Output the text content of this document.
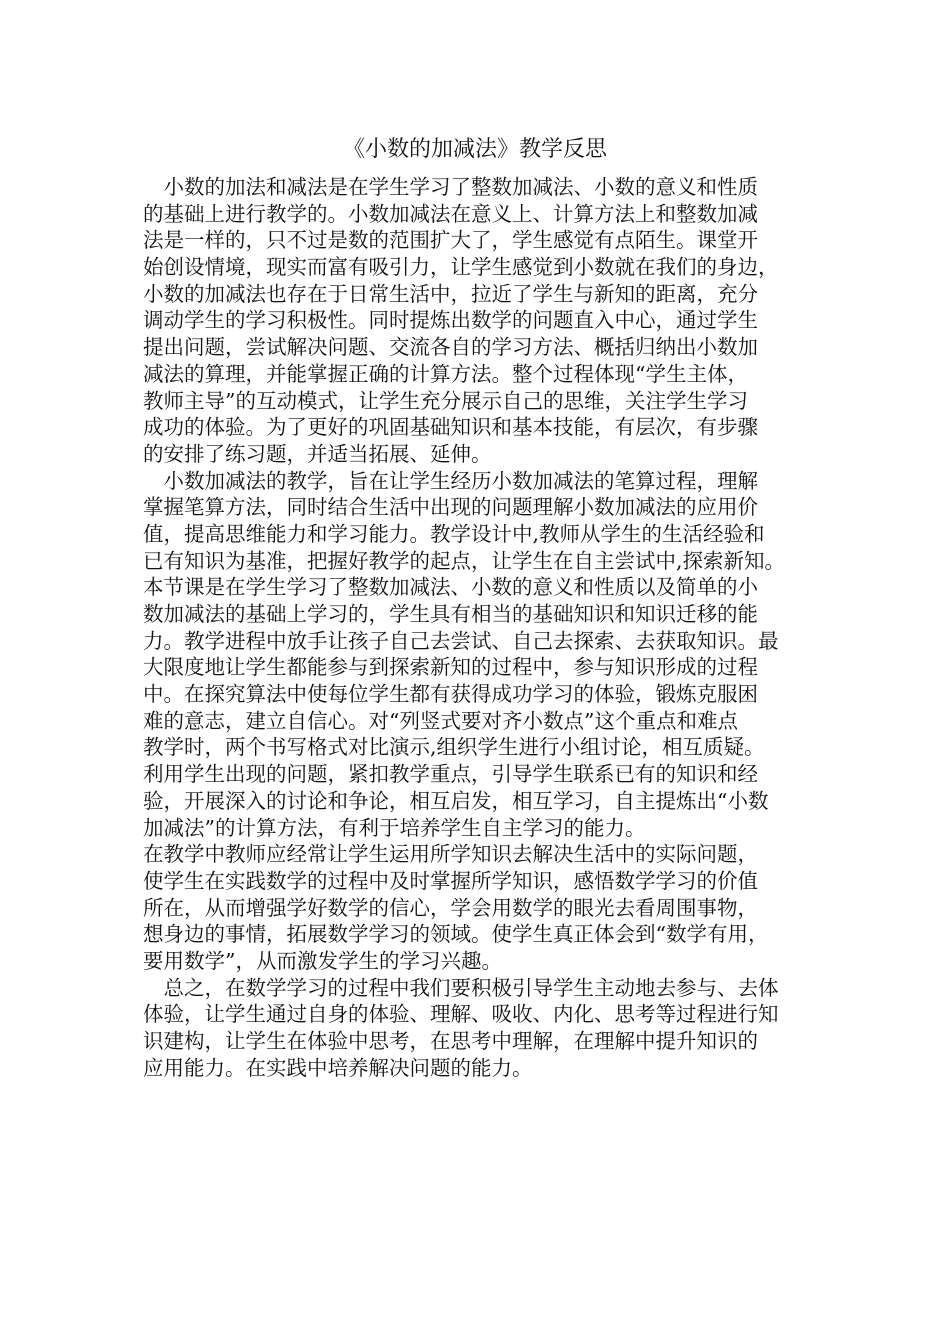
《小数的加减法》教学反思
　小数的加法和减法是在学生学习了整数加减法、小数的意义和性质
的基础上进行教学的。小数加减法在意义上、计算方法上和整数加减
法是一样的，只不过是数的范围扩大了，学生感觉有点陌生。课堂开
始创设情境，现实而富有吸引力，让学生感觉到小数就在我们的身边，
小数的加减法也存在于日常生活中，拉近了学生与新知的距离，充分
调动学生的学习积极性。同时提炼出数学的问题直入中心，通过学生
提出问题，尝试解决问题、交流各自的学习方法、概括归纳出小数加
减法的算理，并能掌握正确的计算方法。整个过程体现“学生主体，
教师主导”的互动模式，让学生充分展示自己的思维，关注学生学习
成功的体验。为了更好的巩固基础知识和基本技能，有层次，有步骤
的安排了练习题，并适当拓展、延伸。
　小数加减法的教学，旨在让学生经历小数加减法的笔算过程，理解
掌握笔算方法，同时结合生活中出现的问题理解小数加减法的应用价
值，提高思维能力和学习能力。教学设计中,教师从学生的生活经验和
已有知识为基准，把握好教学的起点，让学生在自主尝试中,探索新知。
本节课是在学生学习了整数加减法、小数的意义和性质以及简单的小
数加减法的基础上学习的，学生具有相当的基础知识和知识迁移的能
力。教学进程中放手让孩子自己去尝试、自己去探索、去获取知识。最
大限度地让学生都能参与到探索新知的过程中，参与知识形成的过程
中。在探究算法中使每位学生都有获得成功学习的体验，锻炼克服困
难的意志，建立自信心。对“列竖式要对齐小数点”这个重点和难点
教学时，两个书写格式对比演示,组织学生进行小组讨论，相互质疑。
利用学生出现的问题，紧扣教学重点，引导学生联系已有的知识和经
验，开展深入的讨论和争论，相互启发，相互学习，自主提炼出“小数
加减法”的计算方法，有利于培养学生自主学习的能力。
在教学中教师应经常让学生运用所学知识去解决生活中的实际问题，
使学生在实践数学的过程中及时掌握所学知识，感悟数学学习的价值
所在，从而增强学好数学的信心，学会用数学的眼光去看周围事物，
想身边的事情，拓展数学学习的领域。使学生真正体会到“数学有用，
要用数学”，从而激发学生的学习兴趣。
　总之，在数学学习的过程中我们要积极引导学生主动地去参与、去体
体验，让学生通过自身的体验、理解、吸收、内化、思考等过程进行知
识建构，让学生在体验中思考，在思考中理解，在理解中提升知识的
应用能力。在实践中培养解决问题的能力。
